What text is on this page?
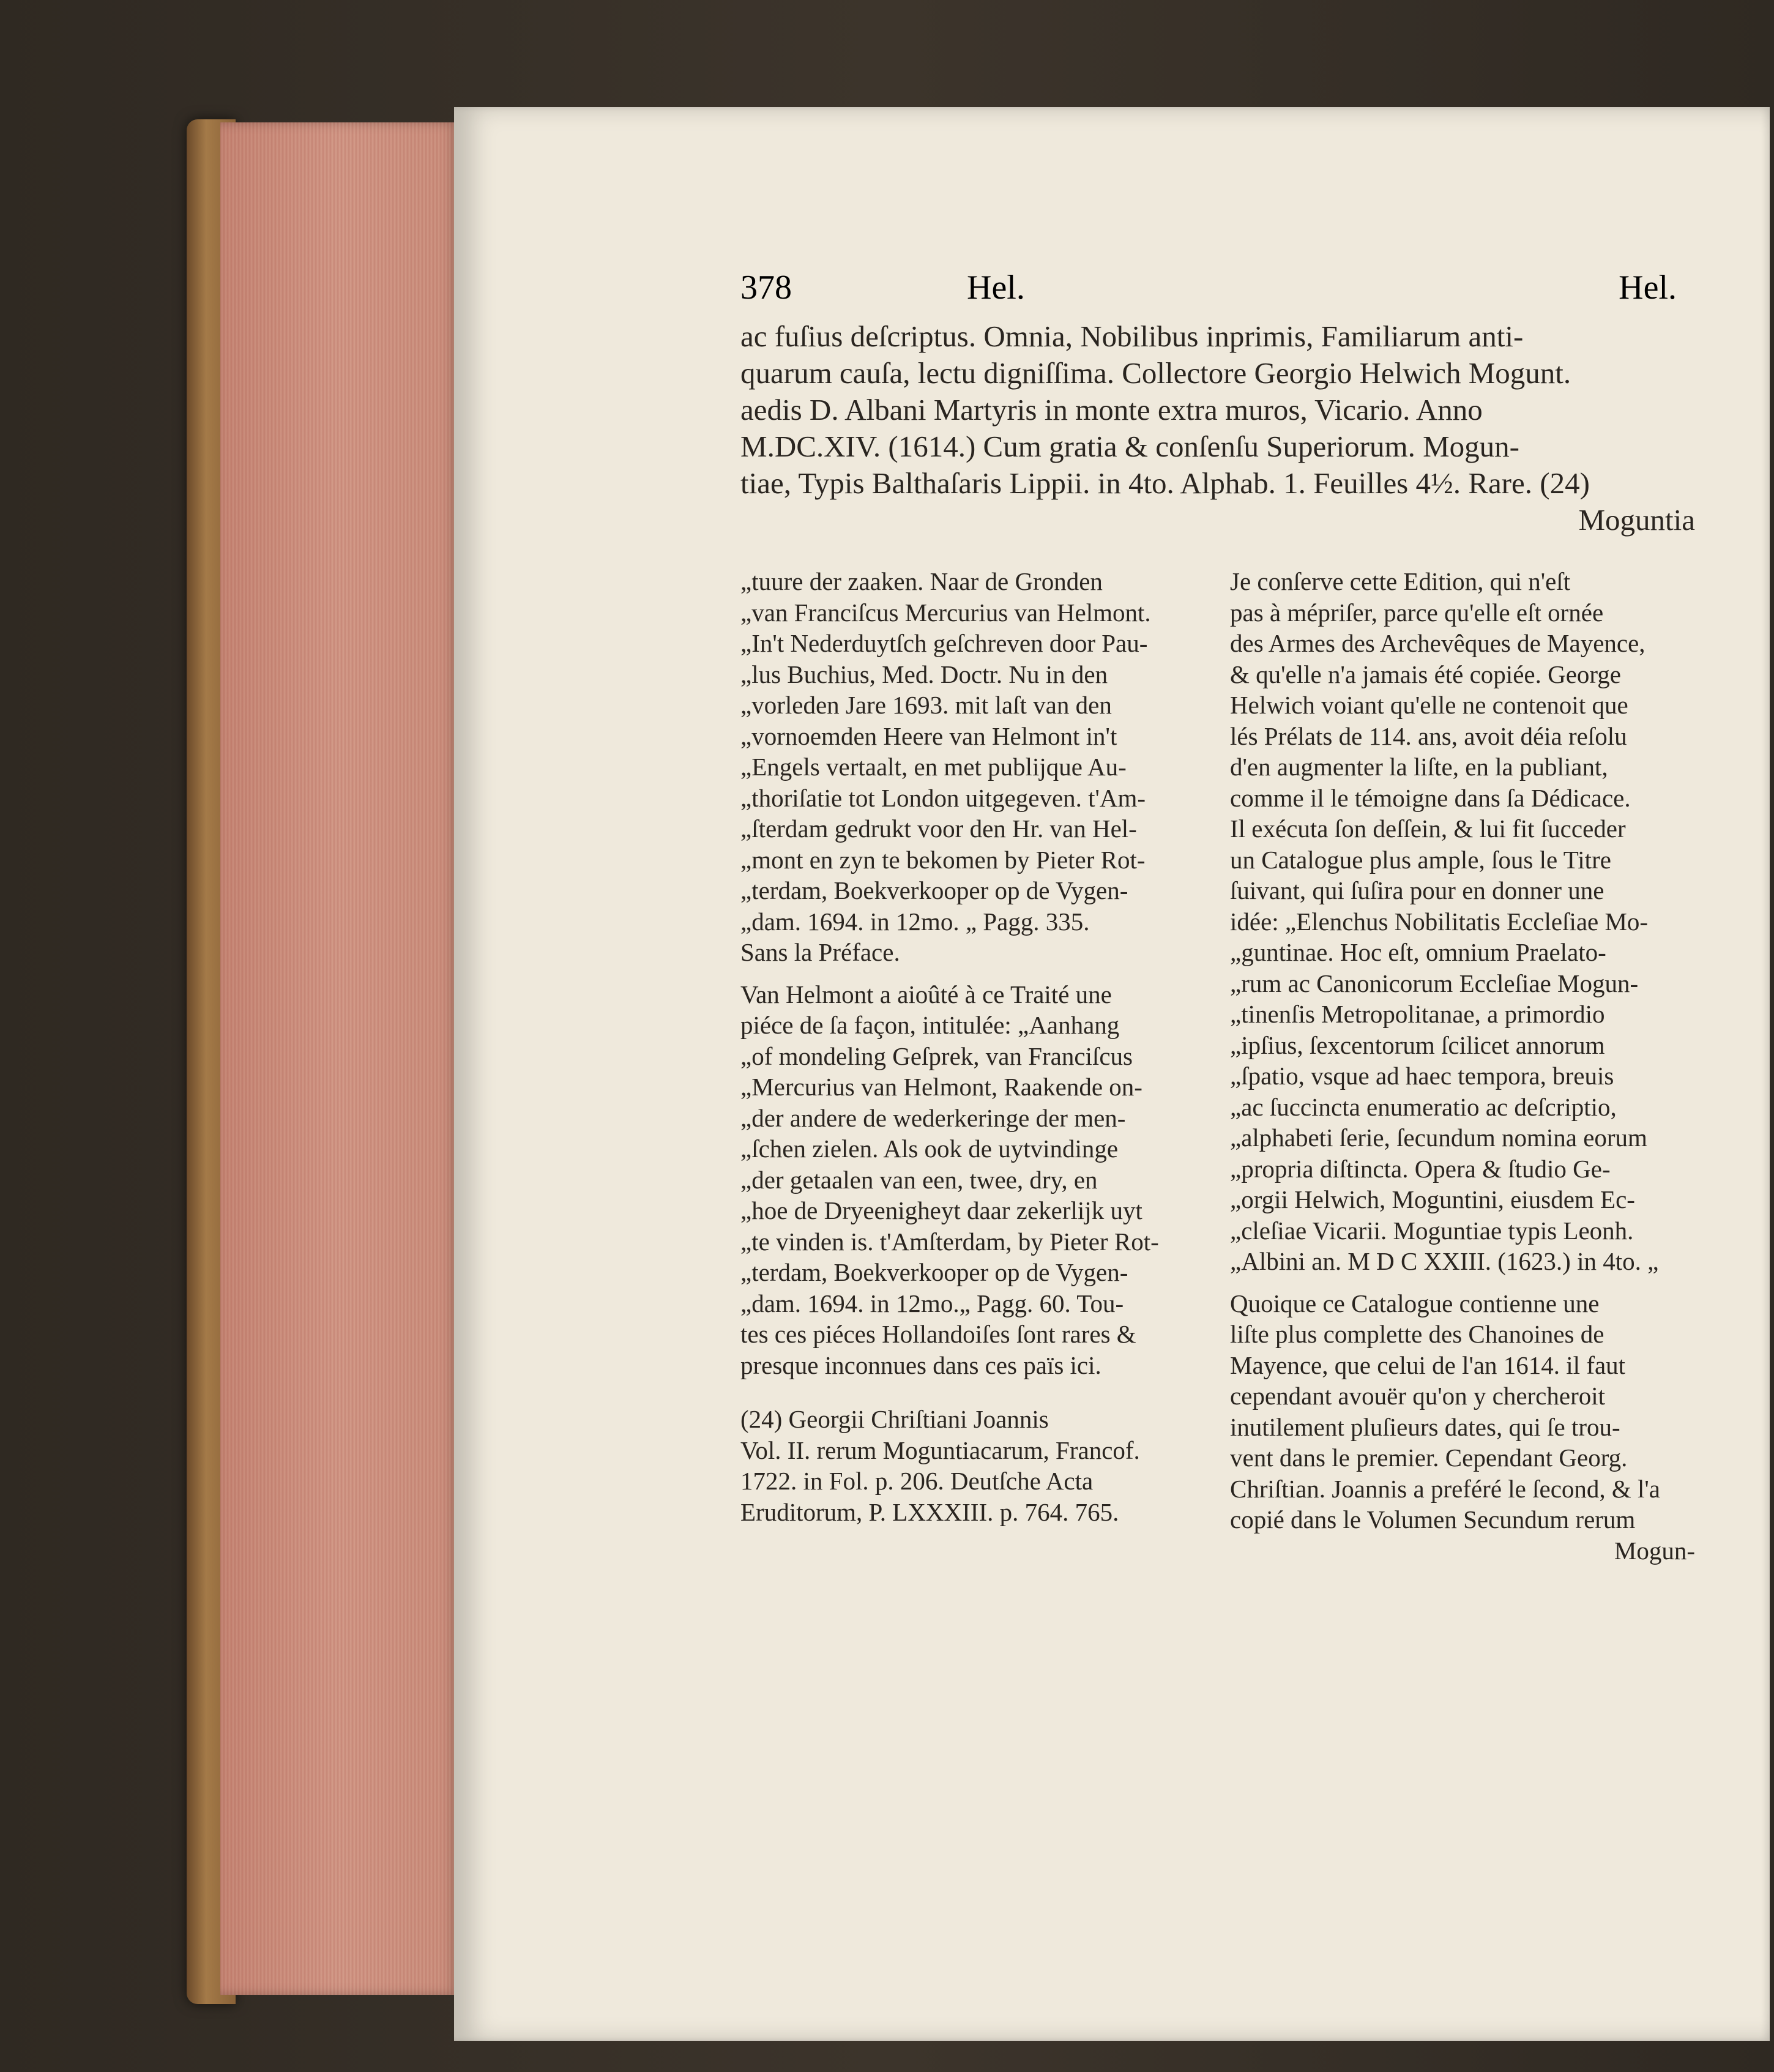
378	Hel.	Hel.

ac fuſius deſcriptus. Omnia, Nobilibus inprimis, Familiarum anti-

quarum cauſa, lectu digniſſima. Collectore Georgio Helwich Mogunt.

aedis D. Albani Martyris in monte extra muros, Vicario. Anno

M.DC.XIV. (1614.) Cum gratia & conſenſu Superiorum. Mogun-

tiae, Typis Balthaſaris Lippii. in 4to. Alphab. 1. Feuilles 4½. Rare. (24)

Moguntia

„tuure der zaaken. Naar de Gronden

„van Franciſcus Mercurius van Helmont.

„In't Nederduytſch geſchreven door Pau-

„lus Buchius, Med. Doctr. Nu in den

„vorleden Jare 1693. mit laſt van den

„vornoemden Heere van Helmont in't

„Engels vertaalt, en met publijque Au-

„thoriſatie tot London uitgegeven. t'Am-

„ſterdam gedrukt voor den Hr. van Hel-

„mont en zyn te bekomen by Pieter Rot-

„terdam, Boekverkooper op de Vygen-

„dam. 1694. in 12mo. „ Pagg. 335.

Sans la Préface.

Van Helmont a aioûté à ce Traité une

piéce de ſa façon, intitulée: „Aanhang

„of mondeling Geſprek, van Franciſcus

„Mercurius van Helmont, Raakende on-

„der andere de wederkeringe der men-

„ſchen zielen. Als ook de uytvindinge

„der getaalen van een, twee, dry, en

„hoe de Dryeenigheyt daar zekerlijk uyt

„te vinden is. t'Amſterdam, by Pieter Rot-

„terdam, Boekverkooper op de Vygen-

„dam. 1694. in 12mo.„ Pagg. 60. Tou-

tes ces piéces Hollandoiſes ſont rares &

presque inconnues dans ces païs ici.

(24) Georgii Chriſtiani Joannis

Vol. II. rerum Moguntiacarum, Francof.

1722. in Fol. p. 206. Deutſche Acta

Eruditorum, P. LXXXIII. p. 764. 765.

Je conſerve cette Edition, qui n'eſt

pas à mépriſer, parce qu'elle eſt ornée

des Armes des Archevêques de Mayence,

& qu'elle n'a jamais été copiée. George

Helwich voiant qu'elle ne contenoit que

lés Prélats de 114. ans, avoit déia reſolu

d'en augmenter la liſte, en la publiant,

comme il le témoigne dans ſa Dédicace.

Il exécuta ſon deſſein, & lui fit ſucceder

un Catalogue plus ample, ſous le Titre

ſuivant, qui ſuſira pour en donner une

idée: „Elenchus Nobilitatis Eccleſiae Mo-

„guntinae. Hoc eſt, omnium Praelato-

„rum ac Canonicorum Eccleſiae Mogun-

„tinenſis Metropolitanae, a primordio

„ipſius, ſexcentorum ſcilicet annorum

„ſpatio, vsque ad haec tempora, breuis

„ac ſuccincta enumeratio ac deſcriptio,

„alphabeti ſerie, ſecundum nomina eorum

„propria diſtincta. Opera & ſtudio Ge-

„orgii Helwich, Moguntini, eiusdem Ec-

„cleſiae Vicarii. Moguntiae typis Leonh.

„Albini an. M D C XXIII. (1623.) in 4to. „

Quoique ce Catalogue contienne une

liſte plus complette des Chanoines de

Mayence, que celui de l'an 1614. il faut

cependant avouër qu'on y chercheroit

inutilement pluſieurs dates, qui ſe trou-

vent dans le premier. Cependant Georg.

Chriſtian. Joannis a preféré le ſecond, & l'a

copié dans le Volumen Secundum rerum

Mogun-
